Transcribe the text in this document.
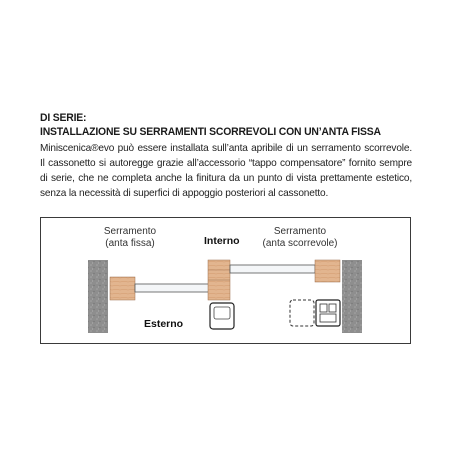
DI SERIE:
INSTALLAZIONE SU SERRAMENTI SCORREVOLI CON UN’ANTA FISSA
Miniscenica®evo può essere installata sull’anta apribile di un serramento scorrevole. Il cassonetto si autoregge grazie all’accessorio “tappo compensatore” fornito sempre di serie, che ne completa anche la finitura da un punto di vista prettamente estetico, senza la necessità di superfici di appoggio posteriori al cassonetto.
Serramento
(anta fissa)	Interno
Serramento
(anta scorrevole)
Esterno
